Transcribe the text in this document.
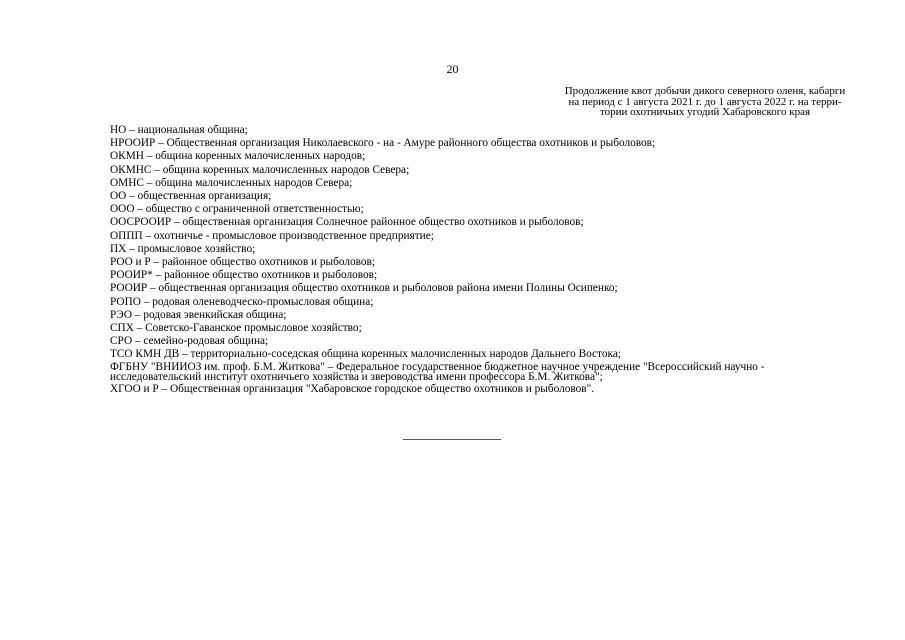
20
Продолжение квот добычи дикого северного оленя, кабарги
на период с 1 августа 2021 г. до 1 августа 2022 г. на терри-
тории охотничьих угодий Хабаровского края
НО – национальная община;
НРООИР – Общественная организация Николаевского - на - Амуре районного общества охотников и рыболовов;
ОКМН – община коренных малочисленных народов;
ОКМНС – община коренных малочисленных народов Севера;
ОМНС – община малочисленных народов Севера;
ОО – общественная организация;
ООО – общество с ограниченной ответственностью;
ООСРООИР – общественная организация Солнечное районное общество охотников и рыболовов;
ОППП – охотничье - промысловое производственное предприятие;
ПХ – промысловое хозяйство;
РОО и Р – районное общество охотников и рыболовов;
РООИР* – районное общество охотников и рыболовов;
РООИР – общественная организация общество охотников и рыболовов района имени Полины Осипенко;
РОПО – родовая оленеводческо-промысловая община;
РЭО – родовая эвенкийская община;
СПХ – Советско-Гаванское промысловое хозяйство;
СРО – семейно-родовая община;
ТСО КМН ДВ – территориально-соседская община коренных малочисленных народов Дальнего Востока;
ФГБНУ "ВНИИОЗ им. проф. Б.М. Житкова" – Федеральное государственное бюджетное научное учреждение "Всероссийский научно -
исследовательский институт охотничьего хозяйства и звероводства имени профессора Б.М. Житкова";
ХГОО и Р – Общественная организация "Хабаровское городское общество охотников и рыболовов".
